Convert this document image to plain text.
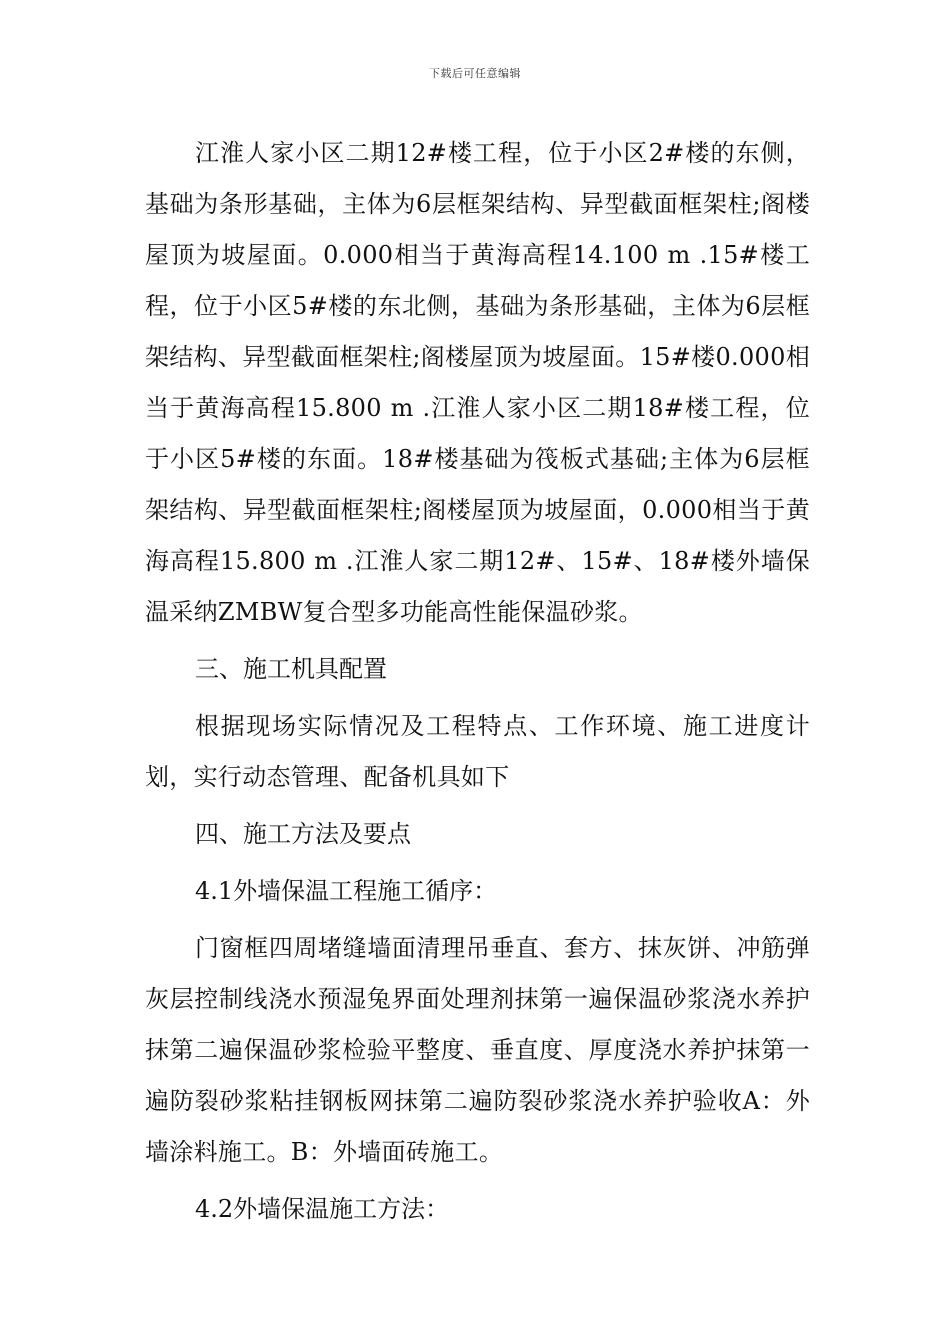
下载后可任意编辑

江淮人家小区二期12#楼工程，位于小区2#楼的东侧，基础为条形基础，主体为6层框架结构、异型截面框架柱;阁楼屋顶为坡屋面。0.000相当于黄海高程14.100 m .15#楼工程，位于小区5#楼的东北侧，基础为条形基础，主体为6层框架结构、异型截面框架柱;阁楼屋顶为坡屋面。15#楼0.000相当于黄海高程15.800 m .江淮人家小区二期18#楼工程，位于小区5#楼的东面。18#楼基础为筏板式基础;主体为6层框架结构、异型截面框架柱;阁楼屋顶为坡屋面，0.000相当于黄海高程15.800 m .江淮人家二期12#、15#、18#楼外墙保温采纳ZMBW复合型多功能高性能保温砂浆。

三、施工机具配置

根据现场实际情况及工程特点、工作环境、施工进度计划，实行动态管理、配备机具如下

四、施工方法及要点

4.1外墙保温工程施工循序：

门窗框四周堵缝墙面清理吊垂直、套方、抹灰饼、冲筋弹灰层控制线浇水预湿兔界面处理剂抹第一遍保温砂浆浇水养护抹第二遍保温砂浆检验平整度、垂直度、厚度浇水养护抹第一遍防裂砂浆粘挂钢板网抹第二遍防裂砂浆浇水养护验收A：外墙涂料施工。B：外墙面砖施工。

4.2外墙保温施工方法：
